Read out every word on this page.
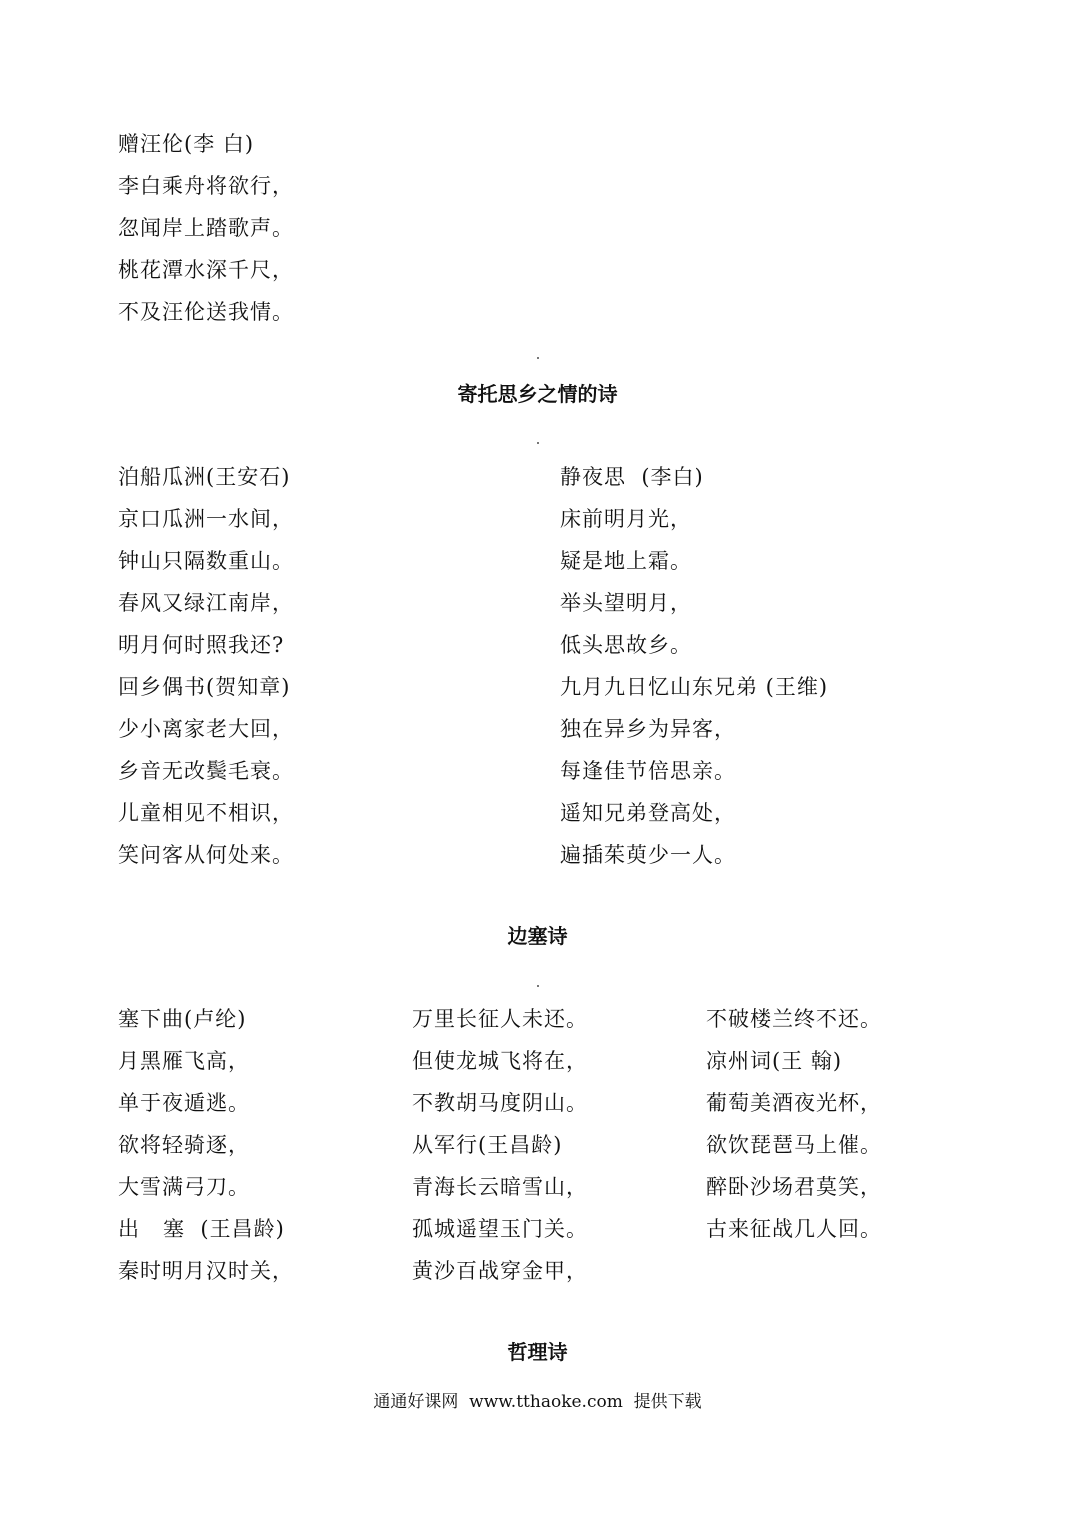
赠汪伦(李 白)
李白乘舟将欲行，
忽闻岸上踏歌声。
桃花潭水深千尺，
不及汪伦送我情。
寄托思乡之情的诗
泊船瓜洲(王安石)
京口瓜洲一水间，
钟山只隔数重山。
春风又绿江南岸，
明月何时照我还?
回乡偶书(贺知章)
少小离家老大回，
乡音无改鬓毛衰。
儿童相见不相识，
笑问客从何处来。
静夜思  (李白)
床前明月光，
疑是地上霜。
举头望明月，
低头思故乡。
九月九日忆山东兄弟 (王维)
独在异乡为异客，
每逢佳节倍思亲。
遥知兄弟登高处，
遍插茱萸少一人。
边塞诗
塞下曲(卢纶)
月黑雁飞高，
单于夜遁逃。
欲将轻骑逐，
大雪满弓刀。
出   塞  (王昌龄)
秦时明月汉时关，
万里长征人未还。
但使龙城飞将在，
不教胡马度阴山。
从军行(王昌龄)
青海长云暗雪山，
孤城遥望玉门关。
黄沙百战穿金甲，
不破楼兰终不还。
凉州词(王 翰)
葡萄美酒夜光杯，
欲饮琵琶马上催。
醉卧沙场君莫笑，
古来征战几人回。
哲理诗
通通好课网  www.tthaoke.com  提供下载
